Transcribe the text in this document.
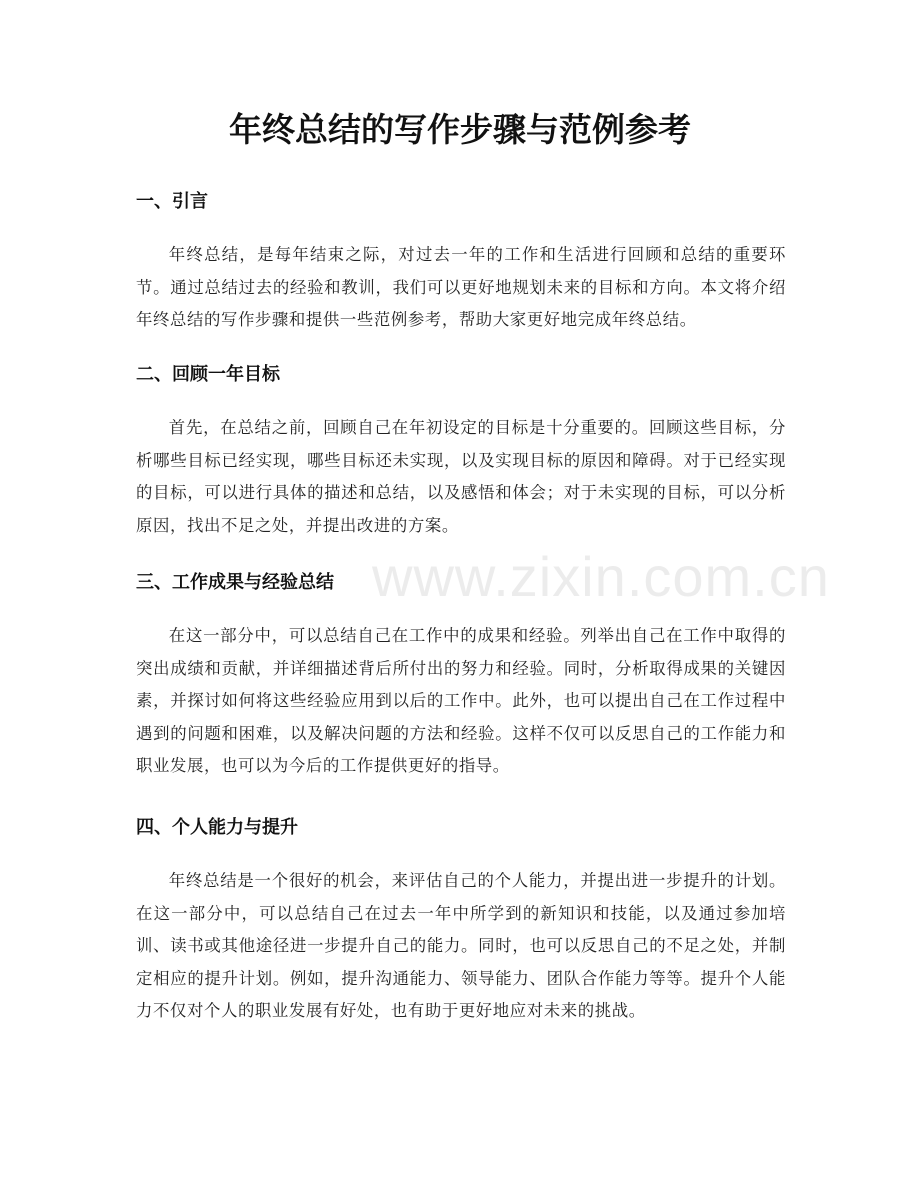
年终总结的写作步骤与范例参考
一、引言

年终总结，是每年结束之际，对过去一年的工作和生活进行回顾和总结的重要环节。通过总结过去的经验和教训，我们可以更好地规划未来的目标和方向。本文将介绍年终总结的写作步骤和提供一些范例参考，帮助大家更好地完成年终总结。

二、回顾一年目标

首先，在总结之前，回顾自己在年初设定的目标是十分重要的。回顾这些目标，分析哪些目标已经实现，哪些目标还未实现，以及实现目标的原因和障碍。对于已经实现的目标，可以进行具体的描述和总结，以及感悟和体会；对于未实现的目标，可以分析原因，找出不足之处，并提出改进的方案。

三、工作成果与经验总结

在这一部分中，可以总结自己在工作中的成果和经验。列举出自己在工作中取得的突出成绩和贡献，并详细描述背后所付出的努力和经验。同时，分析取得成果的关键因素，并探讨如何将这些经验应用到以后的工作中。此外，也可以提出自己在工作过程中遇到的问题和困难，以及解决问题的方法和经验。这样不仅可以反思自己的工作能力和职业发展，也可以为今后的工作提供更好的指导。

四、个人能力与提升

年终总结是一个很好的机会，来评估自己的个人能力，并提出进一步提升的计划。在这一部分中，可以总结自己在过去一年中所学到的新知识和技能，以及通过参加培训、读书或其他途径进一步提升自己的能力。同时，也可以反思自己的不足之处，并制定相应的提升计划。例如，提升沟通能力、领导能力、团队合作能力等等。提升个人能力不仅对个人的职业发展有好处，也有助于更好地应对未来的挑战。

www.zixin.com.cn
